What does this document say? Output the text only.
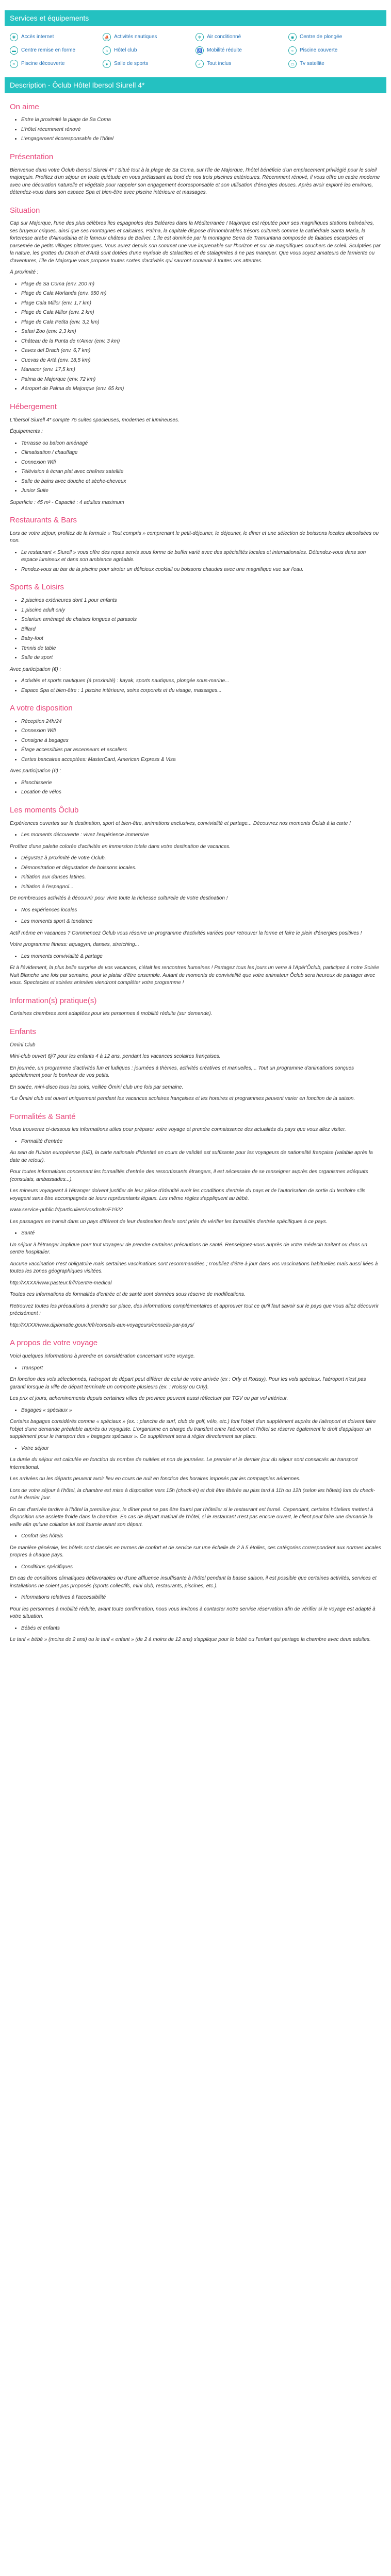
Services et équipements
✱	Accès internet	⛵ Activités nautiques	❄	Air conditionné	◉	Centre de plongée
▬	Centre remise en forme	⌂	Hôtel club	♿ Mobilité réduite	≈	Piscine couverte
≈	Piscine découverte	●	Salle de sports	✓	Tout inclus	▭	Tv satellite
Description - Ôclub Hôtel Ibersol Siurell 4*
On aime
• Entre la proximité la plage de Sa Coma
• L'hôtel récemment rénové
• L'engagement écoresponsable de l'hôtel
Présentation

Bienvenue dans votre Ôclub Ibersol Siurell 4* ! Situé tout à la plage de Sa Coma, sur l'île de Majorque, l'hôtel bénéficie d'un emplacement privilégié pour le soleil majorquin. Profitez d'un séjour en toute quiétude en vous prélassant au bord de nos trois piscines extérieures. Récemment rénové, il vous offre un cadre moderne avec une décoration naturelle et végétale pour rappeler son engagement écoresponsable et son utilisation d'énergies douces. Après avoir exploré les environs, détendez-vous dans son espace Spa et bien-être avec piscine intérieure et massages.

Situation

Cap sur Majorque, l'une des plus célèbres îles espagnoles des Baléares dans la Méditerranée ! Majorque est réputée pour ses magnifiques stations balnéaires, ses bruyeux criques, ainsi que ses montagnes et calcaires. Palma, la capitale dispose d'innombrables trésors culturels comme la cathédrale Santa Maria, la forteresse arabe d'Almudaina et le fameux château de Bellver. L'île est dominée par la montagne Serra de Tramuntana composée de falaises escarpées et parsemée de petits villages pittoresques. Vous aurez depuis son sommet une vue imprenable sur l'horizon et sur de magnifiques couchers de soleil. Sculptées par la nature, les grottes du Drach et d'Artà sont dotées d'une myriade de stalactites et de stalagmites à ne pas manquer. Que vous soyez amateurs de farniente ou d'aventures, l'île de Majorque vous propose toutes sortes d'activités qui sauront convenir à toutes vos attentes.

À proximité :

• Plage de Sa Coma (env. 200 m)
• Plage de Cala Morlanda (env. 650 m)
• Plage Cala Millor (env. 1,7 km)
• Plage de Cala Millor (env. 2 km)
• Plage de Cala Petita (env. 3,2 km)
• Safari Zoo (env. 2,3 km)
• Château de la Punta de n'Amer (env. 3 km)
• Caves del Drach (env. 6,7 km)
• Cuevas de Artà (env. 18,5 km)
• Manacor (env. 17,5 km)
• Palma de Majorque (env. 72 km)
• Aéroport de Palma de Majorque (env. 65 km)
Hébergement

L'Ibersol Siurell 4* compte 75 suites spacieuses, modernes et lumineuses.

Équipements :

• Terrasse ou balcon aménagé
• Climatisation / chauffage
• Connexion Wifi
• Télévision à écran plat avec chaînes satellite
• Salle de bains avec douche et sèche-cheveux
• Junior Suite

Superficie : 45 m² - Capacité : 4 adultes maximum

Restaurants & Bars

Lors de votre séjour, profitez de la formule « Tout compris » comprenant le petit-déjeuner, le déjeuner, le dîner et une sélection de boissons locales alcoolisées ou non.

• Le restaurant « Siurell » vous offre des repas servis sous forme de buffet varié avec des spécialités locales et internationales. Détendez-vous dans son espace lumineux et dans son ambiance agréable.
• Rendez-vous au bar de la piscine pour siroter un délicieux cocktail ou boissons chaudes avec une magnifique vue sur l'eau.
Sports & Loisirs
• 2 piscines extérieures dont 1 pour enfants
• 1 piscine adult only
• Solarium aménagé de chaises longues et parasols
• Billard
• Baby-foot
• Tennis de table
• Salle de sport

Avec participation (€) :

• Activités et sports nautiques (à proximité) : kayak, sports nautiques, plongée sous-marine...
• Espace Spa et bien-être : 1 piscine intérieure, soins corporels et du visage, massages...
A votre disposition
• Réception 24h/24
• Connexion Wifi
• Consigne à bagages
• Étage accessibles par ascenseurs et escaliers
• Cartes bancaires acceptées: MasterCard, American Express & Visa

Avec participation (€) :

• Blanchisserie
• Location de vélos
Les moments Ôclub

Expériences ouvertes sur la destination, sport et bien-être, animations exclusives, convivialité et partage... Découvrez nos moments Ôclub à la carte !

• Les moments découverte : vivez l'expérience immersive

Profitez d'une palette colorée d'activités en immersion totale dans votre destination de vacances.

• Dégustez à proximité de votre Ôclub.
• Démonstration et dégustation de boissons locales.
• Initiation aux danses latines.
• Initiation à l'espagnol...

De nombreuses activités à découvrir pour vivre toute la richesse culturelle de votre destination !

• Nos expériences locales
• Les moments sport & tendance

Actif même en vacances ? Commencez Ôclub vous réserve un programme d'activités variées pour retrouver la forme et faire le plein d'énergies positives !

Votre programme fitness: aquagym, danses, stretching...

• Les moments convivialité & partage

Et à l'évidement, la plus belle surprise de vos vacances, c'était les rencontres humaines ! Partagez tous les jours un verre à l'Apér'Ôclub, participez à notre Soirée Nuit Blanche une fois par semaine, pour le plaisir d'être ensemble. Autant de moments de convivialité que votre animateur Ôclub sera heureux de partager avec vous. Spectacles et soirées animées viendront compléter votre programme !

Information(s) pratique(s)

Certaines chambres sont adaptées pour les personnes à mobilité réduite (sur demande).

Enfants

Ômini Club

Mini-club ouvert 6j/7 pour les enfants 4 à 12 ans, pendant les vacances scolaires françaises.

En journée, un programme d'activités fun et ludiques : journées à thèmes, activités créatives et manuelles,... Tout un programme d'animations conçues spécialement pour le bonheur de vos petits.

En soirée, mini-disco tous les soirs, veillée Ômini club une fois par semaine.

*Le Ômini club est ouvert uniquement pendant les vacances scolaires françaises et les horaires et programmes peuvent varier en fonction de la saison.

Formalités & Santé

Vous trouverez ci-dessous les informations utiles pour préparer votre voyage et prendre connaissance des actualités du pays que vous allez visiter.

• Formalité d'entrée

Au sein de l'Union européenne (UE), la carte nationale d'identité en cours de validité est suffisante pour les voyageurs de nationalité française (valable après la date de retour).

Pour toutes informations concernant les formalités d'entrée des ressortissants étrangers, il est nécessaire de se renseigner auprès des organismes adéquats (consulats, ambassades...).

Les mineurs voyageant à l'étranger doivent justifier de leur pièce d'identité avoir les conditions d'entrée du pays et de l'autorisation de sortie du territoire s'ils voyagent sans être accompagnés de leurs représentants légaux. Les même règles s'appliquent au bébé.

www.service-public.fr/particuliers/vosdroits/F1922

Les passagers en transit dans un pays différent de leur destination finale sont priés de vérifier les formalités d'entrée spécifiques à ce pays.

• Santé

Un séjour à l'étranger implique pour tout voyageur de prendre certaines précautions de santé. Renseignez-vous auprès de votre médecin traitant ou dans un centre hospitalier.

Aucune vaccination n'est obligatoire mais certaines vaccinations sont recommandées ; n'oubliez d'être à jour dans vos vaccinations habituelles mais aussi liées à toutes les zones géographiques visitées.

http://XXXX/www.pasteur.fr/fr/centre-medical

Toutes ces informations de formalités d'entrée et de santé sont données sous réserve de modifications.

Retrouvez toutes les précautions à prendre sur place, des informations complémentaires et approuver tout ce qu'il faut savoir sur le pays que vous allez découvrir précisément :

http://XXXX/www.diplomatie.gouv.fr/fr/conseils-aux-voyageurs/conseils-par-pays/

A propos de votre voyage

Voici quelques informations à prendre en considération concernant votre voyage.

• Transport

En fonction des vols sélectionnés, l'aéroport de départ peut différer de celui de votre arrivée (ex : Orly et Roissy). Pour les vols spéciaux, l'aéroport n'est pas garanti lorsque la ville de départ terminale un comporte plusieurs (ex. : Roissy ou Orly).

Les prix et jours, acheminements depuis certaines villes de province peuvent aussi réflectuer par TGV ou par vol intérieur.

• Bagages « spéciaux »

Certains bagages considérés comme « spéciaux » (ex. : planche de surf, club de golf, vélo, etc.) font l'objet d'un supplément auprès de l'aéroport et doivent faire l'objet d'une demande préalable auprès du voyagiste. L'organisme en charge du transfert entre l'aéroport et l'hôtel se réserve également le droit d'appliquer un supplément pour le transport des « bagages spéciaux ». Ce supplément sera à régler directement sur place.

• Votre séjour

La durée du séjour est calculée en fonction du nombre de nuitées et non de journées. Le premier et le dernier jour du séjour sont consacrés au transport international.

Les arrivées ou les départs peuvent avoir lieu en cours de nuit en fonction des horaires imposés par les compagnies aériennes.

Lors de votre séjour à l'hôtel, la chambre est mise à disposition vers 15h (check-in) et doit être libérée au plus tard à 11h ou 12h (selon les hôtels) lors du check-out le dernier jour.

En cas d'arrivée tardive à l'hôtel la première jour, le dîner peut ne pas être fourni par l'hôtelier si le restaurant est fermé. Cependant, certains hôteliers mettent à disposition une assiette froide dans la chambre. En cas de départ matinal de l'hôtel, si le restaurant n'est pas encore ouvert, le client peut faire une demande la veille afin qu'une collation lui soit fournie avant son départ.

• Confort des hôtels

De manière générale, les hôtels sont classés en termes de confort et de service sur une échelle de 2 à 5 étoiles, ces catégories correspondent aux normes locales propres à chaque pays.

• Conditions spécifiques

En cas de conditions climatiques défavorables ou d'une affluence insuffisante à l'hôtel pendant la basse saison, il est possible que certaines activités, services et installations ne soient pas proposés (sports collectifs, mini club, restaurants, piscines, etc.).

• Informations relatives à l'accessibilité

Pour les personnes à mobilité réduite, avant toute confirmation, nous vous invitons à contacter notre service réservation afin de vérifier si le voyage est adapté à votre situation.

• Bébés et enfants

Le tarif « bébé » (moins de 2 ans) ou le tarif « enfant » (de 2 à moins de 12 ans) s'applique pour le bébé ou l'enfant qui partage la chambre avec deux adultes.
